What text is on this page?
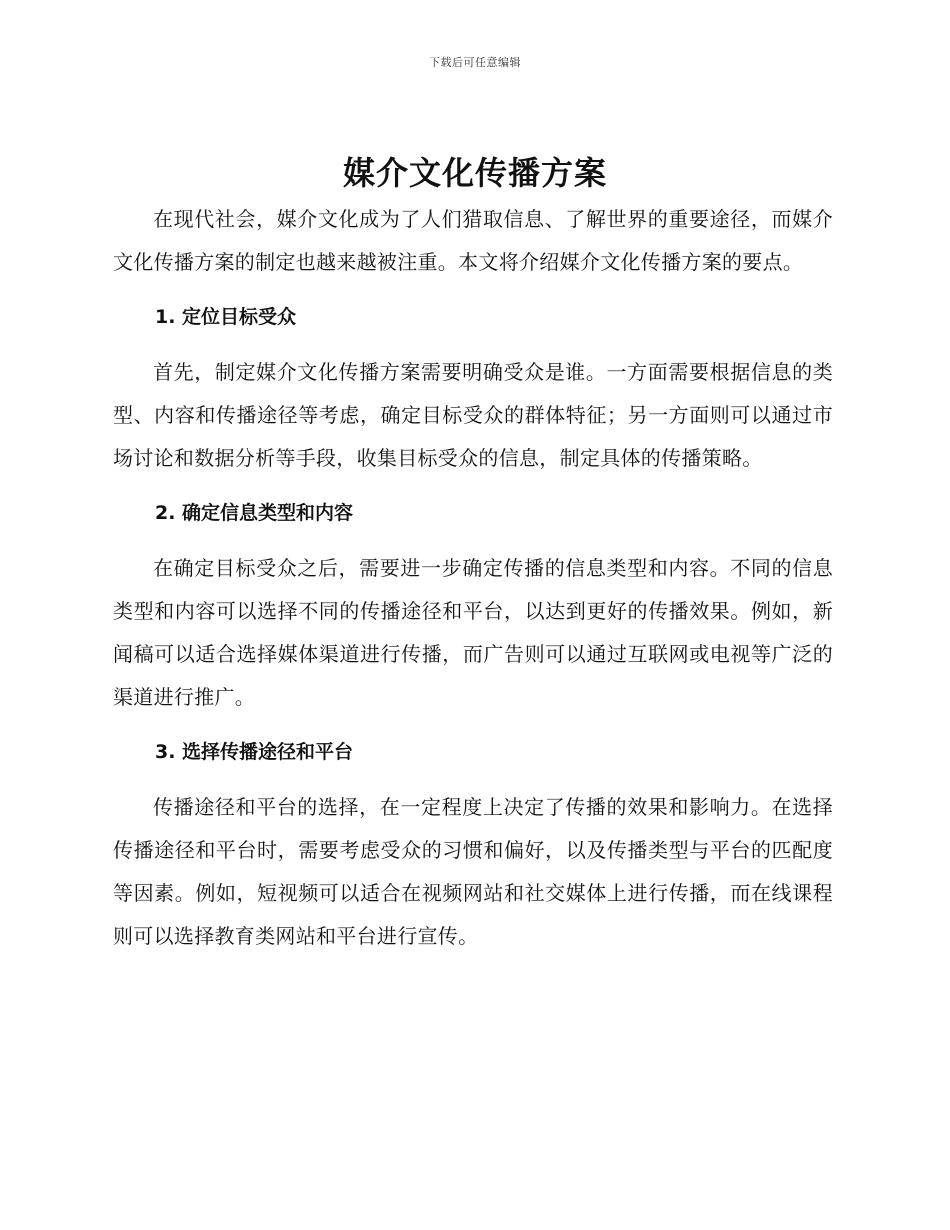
下载后可任意编辑
媒介文化传播方案

在现代社会，媒介文化成为了人们猎取信息、了解世界的重要途径，而媒介文化传播方案的制定也越来越被注重。本文将介绍媒介文化传播方案的要点。

1. 定位目标受众

首先，制定媒介文化传播方案需要明确受众是谁。一方面需要根据信息的类型、内容和传播途径等考虑，确定目标受众的群体特征；另一方面则可以通过市场讨论和数据分析等手段，收集目标受众的信息，制定具体的传播策略。

2. 确定信息类型和内容

在确定目标受众之后，需要进一步确定传播的信息类型和内容。不同的信息类型和内容可以选择不同的传播途径和平台，以达到更好的传播效果。例如，新闻稿可以适合选择媒体渠道进行传播，而广告则可以通过互联网或电视等广泛的渠道进行推广。

3. 选择传播途径和平台

传播途径和平台的选择，在一定程度上决定了传播的效果和影响力。在选择传播途径和平台时，需要考虑受众的习惯和偏好，以及传播类型与平台的匹配度等因素。例如，短视频可以适合在视频网站和社交媒体上进行传播，而在线课程则可以选择教育类网站和平台进行宣传。
